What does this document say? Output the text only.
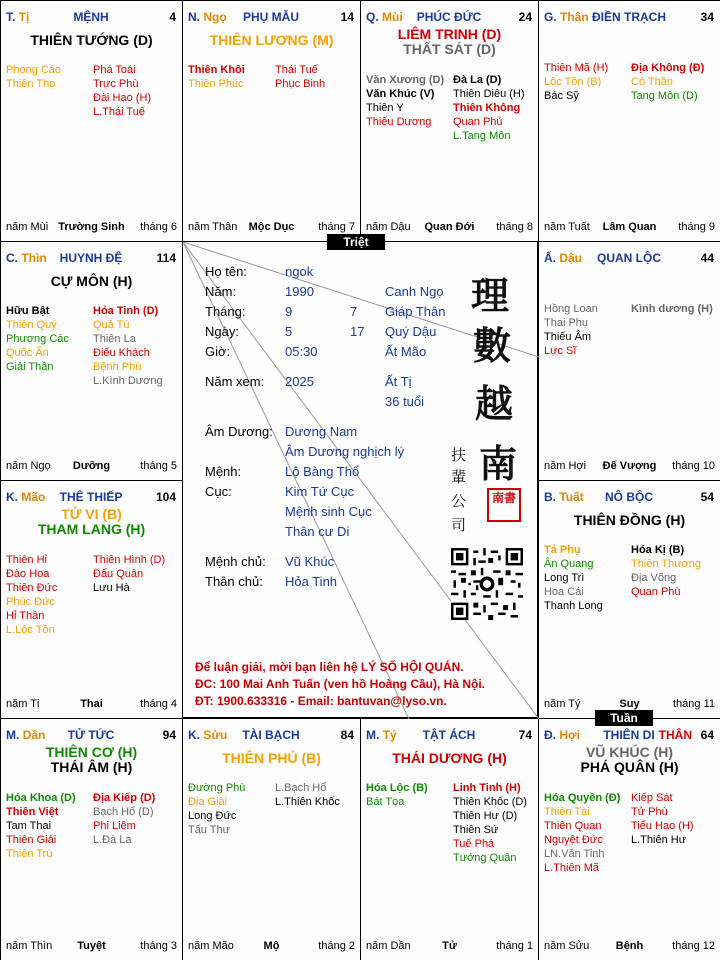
MỆNH
T. Tị	4
THIÊN TƯỚNG (D)
Phong Cáo
Thiên Thọ
Phá Toái
Trực Phù
Đài Hạo (H)
L.Thái Tuế
năm Mùi Trường Sinh	tháng 6
PHỤ MẪU
N. Ngọ	14
THIÊN LƯƠNG (M)
Thiên Khôi
Thiên Phúc
Thái Tuế
Phục Binh
năm Thân	Mộc Dục	tháng 7
PHÚC ĐỨC
Q. Mùi	24
LIÊM TRINH (D)
THẤT SÁT (D)
Văn Xương (D)
Văn Khúc (V)
Thiên Y
Thiếu Dương
Đà La (D)
Thiên Diêu (H)
Thiên Không
Quan Phủ
L.Tang Môn
năm Dậu	Quan Đới	tháng 8
ĐIỀN TRẠCH
G. Thân	34
Thiên Mã (H)
Lộc Tồn (B)
Bác Sỹ
Địa Không (Đ)
Cô Thần
Tang Môn (D)
năm Tuất	Lâm Quan	tháng 9
HUYNH ĐỆ
C. Thìn	114
CỰ MÔN (H)
Hữu Bật
Thiên Quý
Phượng Các
Quốc Ấn
Giải Thần
Hỏa Tinh (D)
Quả Tú
Thiên La
Điếu Khách
Bệnh Phù
L.Kình Dương
năm Ngọ	Dưỡng	tháng 5
QUAN LỘC
Ấ. Dậu	44
Hồng Loan
Thai Phụ
Thiếu Âm
Lực Sĩ
Kình dương (H)
năm Hợi	Đế Vượng	tháng 10
THÊ THIẾP
K. Mão	104
TỬ VI (B)
THAM LANG (H)
Thiên Hỉ
Đào Hoa
Thiên Đức
Phúc Đức
Hỉ Thần
L.Lộc Tồn
Thiên Hình (D)
Đẩu Quân
Lưu Hà
năm Tị	Thai	tháng 4
NÔ BỘC
B. Tuất	54
THIÊN ĐỒNG (H)
Tả Phụ
Ân Quang
Long Trì
Hoa Cái
Thanh Long
Hóa Kị (B)
Thiên Thương
Địa Võng
Quan Phù
năm Tý	Suy	tháng 11
TỬ TỨC
M. Dần	94
THIÊN CƠ (H)
THÁI ÂM (H)
Hóa Khoa (D)
Thiên Việt
Tam Thai
Thiên Giải
Thiên Trù
Địa Kiếp (D)
Bạch Hổ (D)
Phi Liêm
L.Đà La
năm Thìn	Tuyệt	tháng 3
TÀI BẠCH
K. Sửu	84
THIÊN PHỦ (B)
Đường Phù
Địa Giải
Long Đức
Tấu Thư
L.Bạch Hổ
L.Thiên Khốc
năm Mão	Mộ	tháng 2
TẬT ÁCH
M. Tý	74
THÁI DƯƠNG (H)
Hóa Lộc (B)
Bát Tọa
Linh Tinh (H)
Thiên Khốc (D)
Thiên Hư (D)
Thiên Sứ
Tuế Phá
Tướng Quân
năm Dần	Tử	tháng 1
THIÊN DI THÂN
Đ. Hợi	64
VŨ KHÚC (H)
PHÁ QUÂN (H)
Hóa Quyền (Đ)
Thiên Tài
Thiên Quan
Nguyệt Đức
LN.Văn Tinh
L.Thiên Mã
Kiếp Sát
Tử Phù
Tiểu Hao (H)
L.Thiên Hư
năm Sửu	Bệnh	tháng 12
Họ tên:	ngok
Năm:	1990	Canh Ngọ
Tháng:	9	7 Giáp Thân
Ngày:	5	17 Quý Dậu
Giờ:	05:30	Ất Mão
Năm xem: 2025	Ất Tị
36 tuổi
Âm Dương: Dương Nam
Âm Dương nghịch lý
Mệnh:	Lộ Bàng Thổ
Cục:	Kim Tứ Cục
Mệnh sinh Cục
Thân cư Di
Mệnh chủ: Vũ Khúc
Thân chủ: Hỏa Tinh
理
數
越
南
扶
輩
公
司
南書
Để luận giải, mời bạn liên hệ LÝ SỐ HỘI QUÁN.
ĐC: 100 Mai Anh Tuấn (ven hồ Hoàng Cầu), Hà Nội.
ĐT: 1900.633316 - Email: bantuvan@lyso.vn.
Triệt
Tuần
